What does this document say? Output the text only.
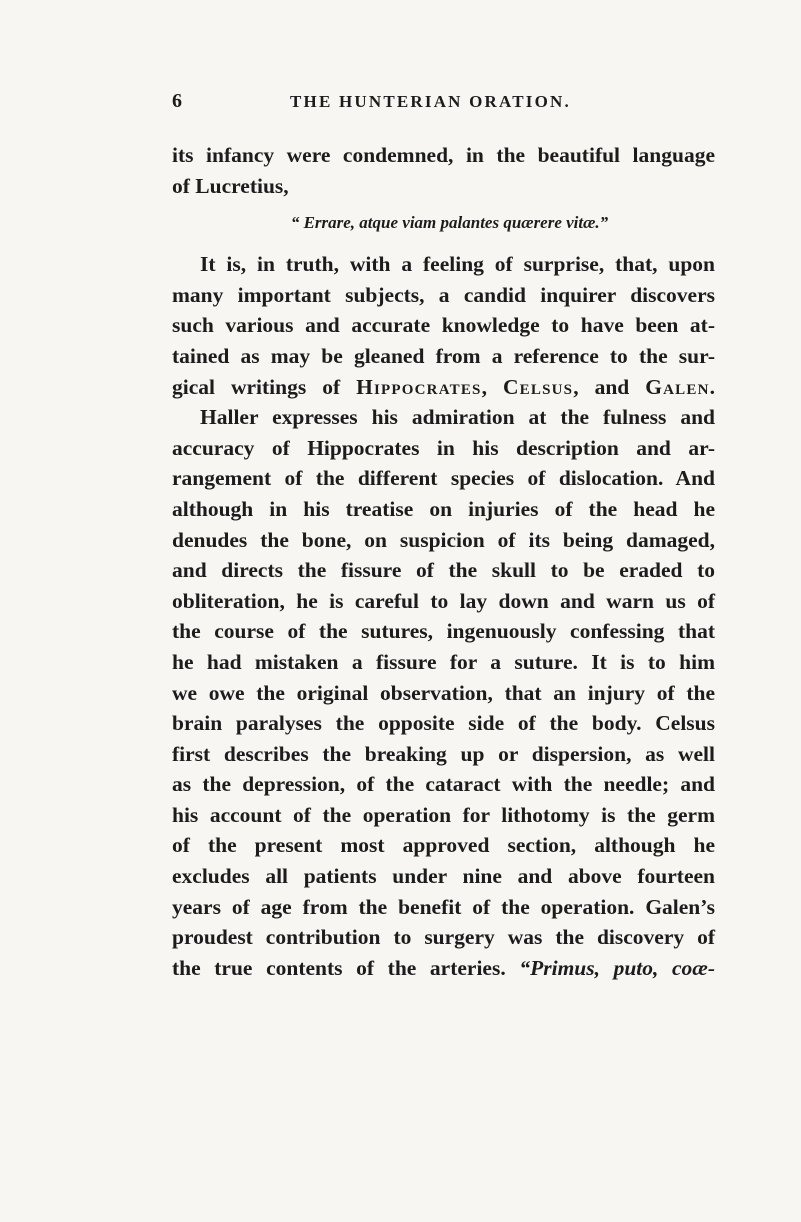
6	THE HUNTERIAN ORATION.
its infancy were condemned, in the beautiful language
of Lucretius,
“ Errare, atque viam palantes quærere vitæ.”
It is, in truth, with a feeling of surprise, that, upon
many important subjects, a candid inquirer discovers
such various and accurate knowledge to have been at-
tained as may be gleaned from a reference to the sur-
gical writings of Hippocrates, Celsus, and Galen.
Haller expresses his admiration at the fulness and
accuracy of Hippocrates in his description and ar-
rangement of the different species of dislocation. And
although in his treatise on injuries of the head he
denudes the bone, on suspicion of its being damaged,
and directs the fissure of the skull to be eraded to
obliteration, he is careful to lay down and warn us of
the course of the sutures, ingenuously confessing that
he had mistaken a fissure for a suture. It is to him
we owe the original observation, that an injury of the
brain paralyses the opposite side of the body. Celsus
first describes the breaking up or dispersion, as well
as the depression, of the cataract with the needle; and
his account of the operation for lithotomy is the germ
of the present most approved section, although he
excludes all patients under nine and above fourteen
years of age from the benefit of the operation. Galen’s
proudest contribution to surgery was the discovery of
the true contents of the arteries. “Primus, puto, coæ-
